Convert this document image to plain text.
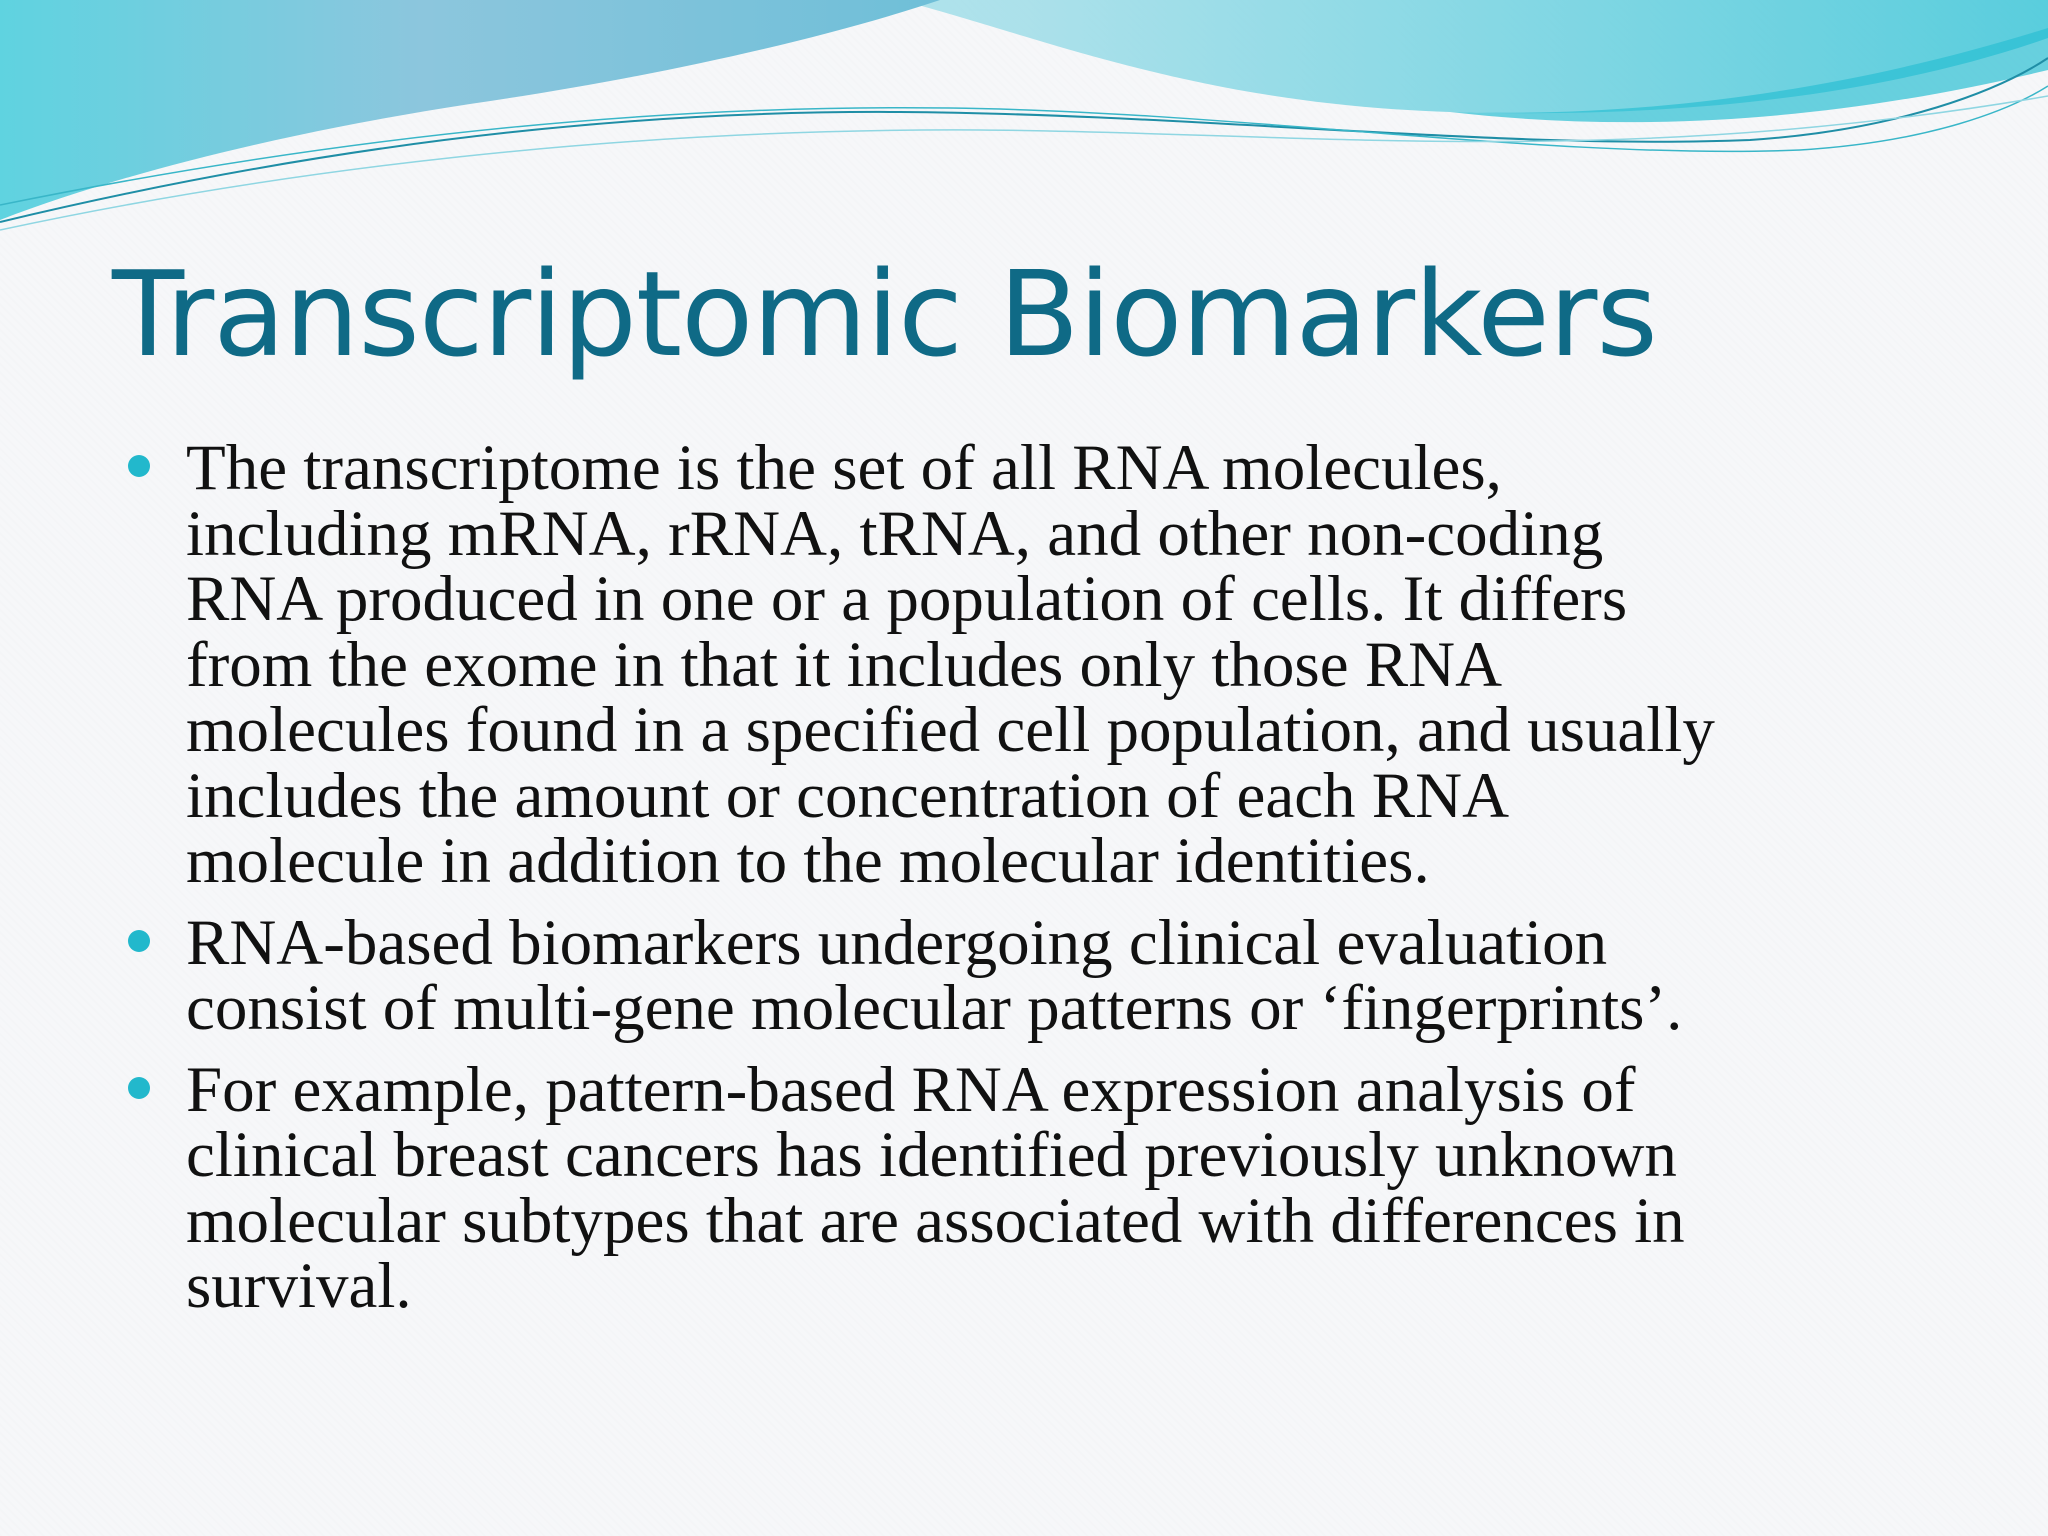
Transcriptomic Biomarkers
The transcriptome is the set of all RNA molecules,
including mRNA, rRNA, tRNA, and other non-coding
RNA produced in one or a population of cells. It differs
from the exome in that it includes only those RNA
molecules found in a specified cell population, and usually
includes the amount or concentration of each RNA
molecule in addition to the molecular identities.
RNA-based biomarkers undergoing clinical evaluation
consist of multi-gene molecular patterns or ‘fingerprints’.
For example, pattern-based RNA expression analysis of
clinical breast cancers has identified previously unknown
molecular subtypes that are associated with differences in
survival.
